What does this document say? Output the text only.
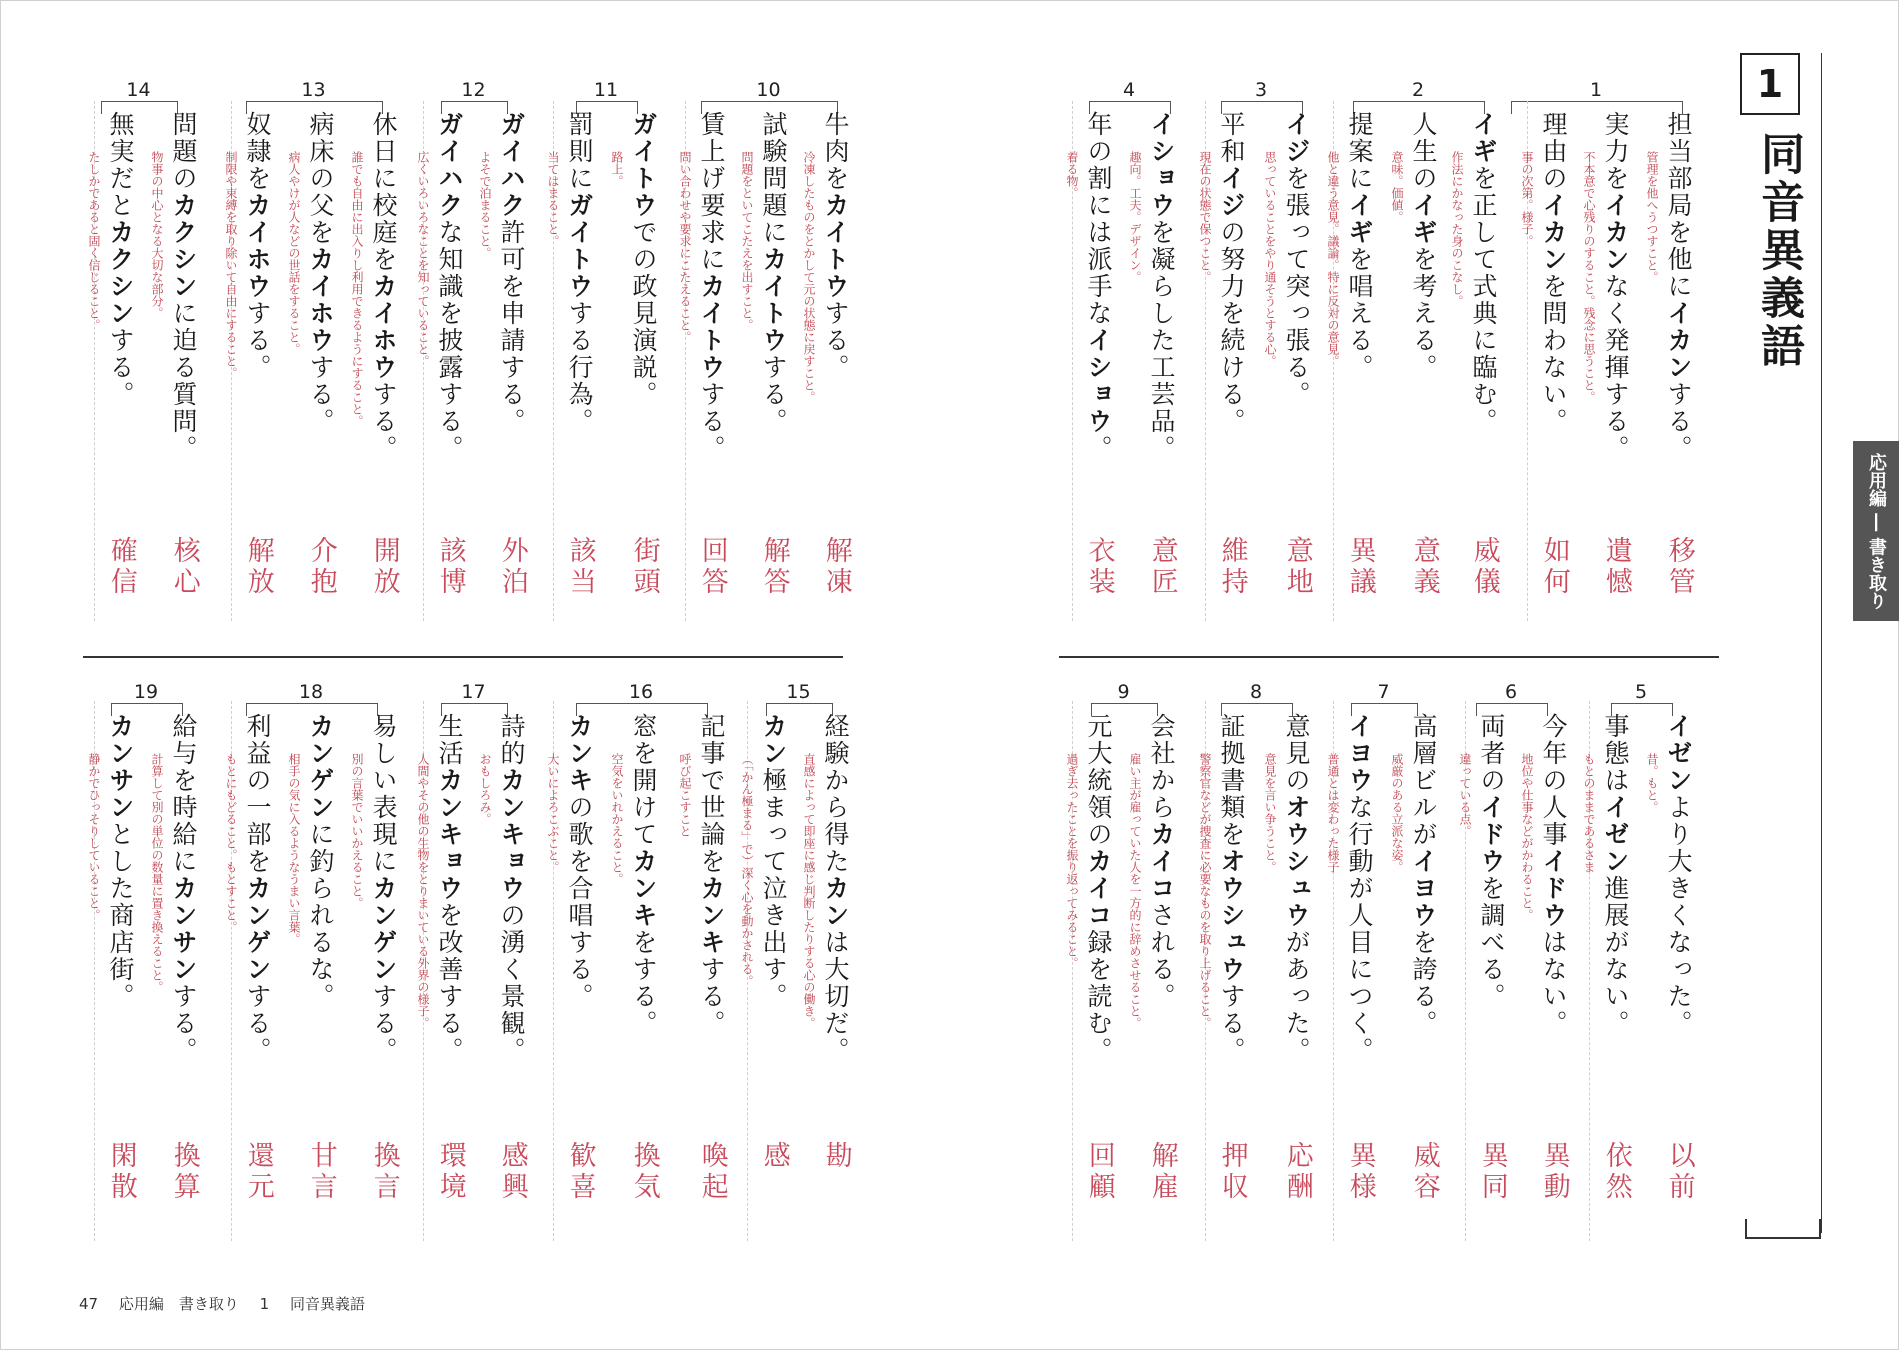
1
同音異義語
応用編 ― 書き取り
47 応用編　書き取り 1 同音異義語
1
担当部局を他にイカンする。
管理を他へうつすこと。
移管
実力をイカンなく発揮する。
不本意で心残りのすること。残念に思うこと。
遺憾
理由のイカンを問わない。
事の次第。様子。
如何
2
イギを正して式典に臨む。
作法にかなった身のこなし。
威儀
人生のイギを考える。
意味。価値。
意義
提案にイギを唱える。
他と違う意見。議論。特に反対の意見。
異議
3
イジを張って突っ張る。
思っていることをやり通そうとする心。
意地
平和イジの努力を続ける。
現在の状態で保つこと。
維持
4
イショウを凝らした工芸品。
趣向。工夫。デザイン。
意匠
年の割には派手なイショウ。
着る物。
衣装
10
牛肉をカイトウする。
冷凍したものをとかして元の状態に戻すこと。
解凍
試験問題にカイトウする。
問題をといてこたえを出すこと。
解答
賃上げ要求にカイトウする。
問い合わせや要求にこたえること。
回答
11
ガイトウでの政見演説。
路上。
街頭
罰則にガイトウする行為。
当てはまること。
該当
12
ガイハク許可を申請する。
よそで泊まること。
外泊
ガイハクな知識を披露する。
広くいろいろなことを知っていること。
該博
13
休日に校庭をカイホウする。
誰でも自由に出入りし利用できるようにすること。
開放
病床の父をカイホウする。
病人やけが人などの世話をすること。
介抱
奴隷をカイホウする。
制限や束縛を取り除いて自由にすること。
解放
14
問題のカクシンに迫る質問。
物事の中心となる大切な部分。
核心
無実だとカクシンする。
たしかであると固く信じること。
確信
5
イゼンより大きくなった。
昔。もと。
以前
事態はイゼン進展がない。
もとのままであるさま
依然
6
今年の人事イドウはない。
地位や仕事などがかわること。
異動
両者のイドウを調べる。
違っている点。
異同
7
高層ビルがイヨウを誇る。
威厳のある立派な姿。
威容
イヨウな行動が人目につく。
普通とは変わった様子
異様
8
意見のオウシュウがあった。
意見を言い争うこと。
応酬
証拠書類をオウシュウする。
警察官などが捜査に必要なものを取り上げること。
押収
9
会社からカイコされる。
雇い主が雇っていた人を一方的に辞めさせること。
解雇
元大統領のカイコ録を読む。
過ぎ去ったことを振り返ってみること。
回顧
15
経験から得たカンは大切だ。
直感によって即座に感じ判断したりする心の働き。
勘
カン極まって泣き出す。
（「かん極まる」で）深く心を動かされる。
感
16
記事で世論をカンキする。
呼び起こすこと
喚起
窓を開けてカンキをする。
空気をいれかえること。
換気
カンキの歌を合唱する。
大いによろこぶこと。
歓喜
17
詩的カンキョウの湧く景観。
おもしろみ。
感興
生活カンキョウを改善する。
人間やその他の生物をとりまいている外界の様子。
環境
18
易しい表現にカンゲンする。
別の言葉でいいかえること。
換言
カンゲンに釣られるな。
相手の気に入るようなうまい言葉。
甘言
利益の一部をカンゲンする。
もとにもどること。もとすこと。
還元
19
給与を時給にカンサンする。
計算して別の単位の数量に置き換えること。
換算
カンサンとした商店街。
静かでひっそりしていること。
閑散
